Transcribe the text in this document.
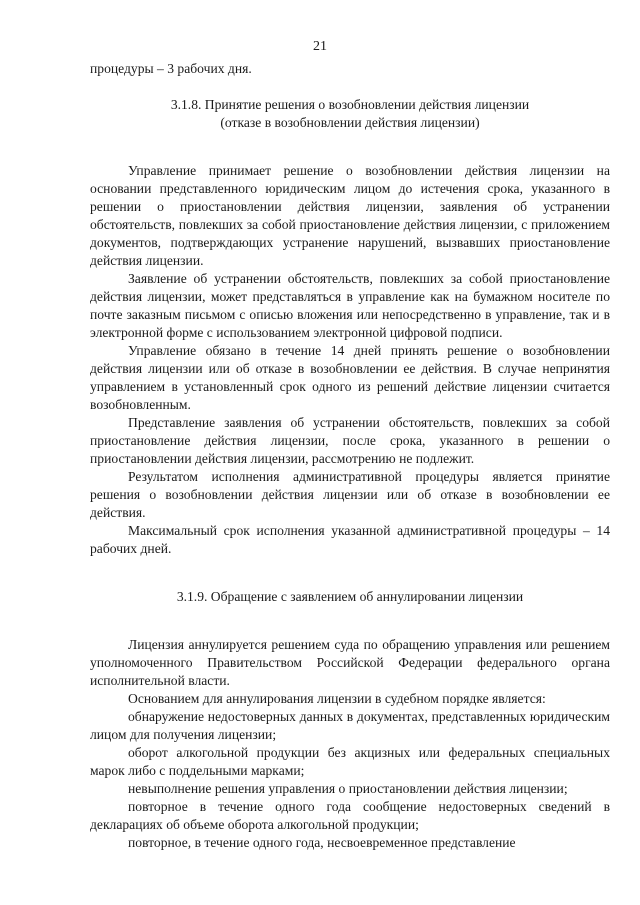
21

процедуры – 3 рабочих дня.

3.1.8. Принятие решения о возобновлении действия лицензии

(отказе в возобновлении действия лицензии)

Управление принимает решение о возобновлении действия лицензии на основании представленного юридическим лицом до истечения срока, указанного в решении о приостановлении действия лицензии, заявления об устранении обстоятельств, повлекших за собой приостановление действия лицензии, с приложением документов, подтверждающих устранение нарушений, вызвавших приостановление действия лицензии.

Заявление об устранении обстоятельств, повлекших за собой приостановление действия лицензии, может представляться в управление как на бумажном носителе по почте заказным письмом с описью вложения или непосредственно в управление, так и в электронной форме с использованием электронной цифровой подписи.

Управление обязано в течение 14 дней принять решение о возобновлении действия лицензии или об отказе в возобновлении ее действия. В случае непринятия управлением в установленный срок одного из решений действие лицензии считается возобновленным.

Представление заявления об устранении обстоятельств, повлекших за собой приостановление действия лицензии, после срока, указанного в решении о приостановлении действия лицензии, рассмотрению не подлежит.

Результатом исполнения административной процедуры является принятие решения о возобновлении действия лицензии или об отказе в возобновлении ее действия.

Максимальный срок исполнения указанной административной процедуры – 14 рабочих дней.

3.1.9. Обращение с заявлением об аннулировании лицензии

Лицензия аннулируется решением суда по обращению управления или решением уполномоченного Правительством Российской Федерации федерального органа исполнительной власти.

Основанием для аннулирования лицензии в судебном порядке является:

обнаружение недостоверных данных в документах, представленных юридическим лицом для получения лицензии;

оборот алкогольной продукции без акцизных или федеральных специальных марок либо с поддельными марками;

невыполнение решения управления о приостановлении действия лицензии;

повторное в течение одного года сообщение недостоверных сведений в декларациях об объеме оборота алкогольной продукции;

повторное, в течение одного года, несвоевременное представление
